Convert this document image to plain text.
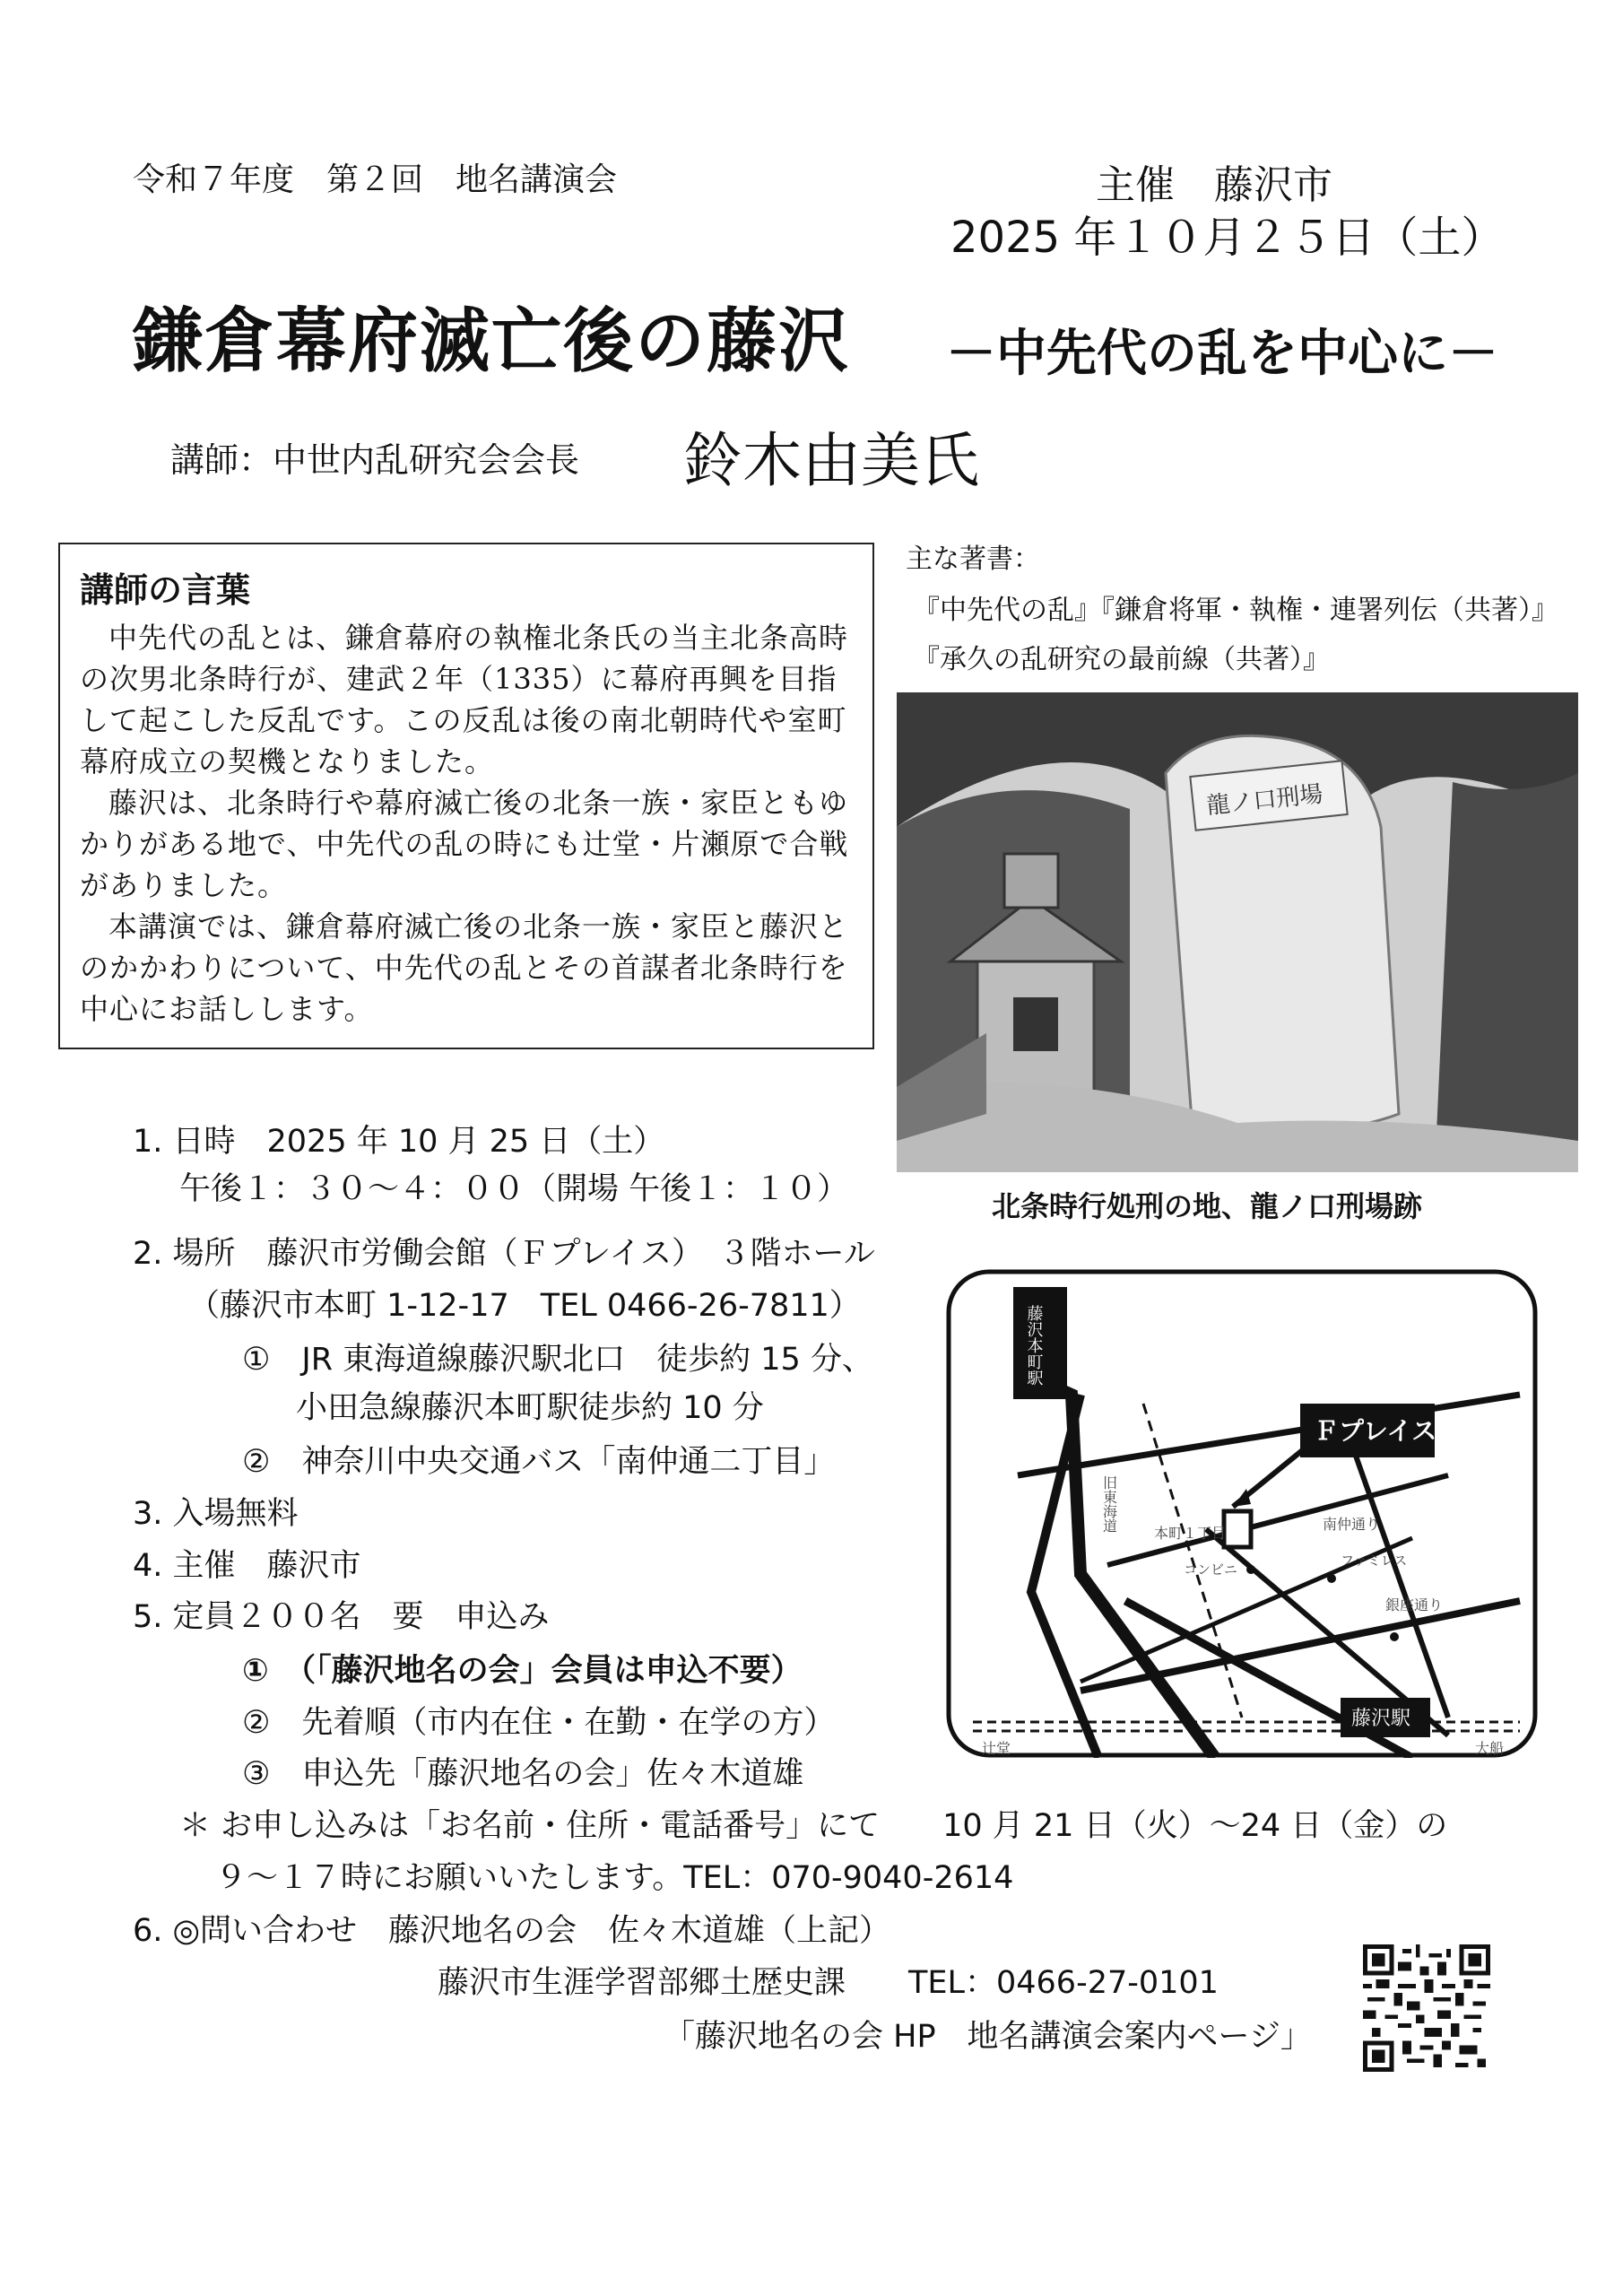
令和７年度　第２回　地名講演会	主催　藤沢市
2025 年１０月２５日（土）
鎌倉幕府滅亡後の藤沢 －中先代の乱を中心に－
講師：中世内乱研究会会長 鈴木由美氏
講師の言葉

中先代の乱とは、鎌倉幕府の執権北条氏の当主北条高時の次男北条時行が、建武２年（1335）に幕府再興を目指して起こした反乱です。この反乱は後の南北朝時代や室町幕府成立の契機となりました。

藤沢は、北条時行や幕府滅亡後の北条一族・家臣ともゆかりがある地で、中先代の乱の時にも辻堂・片瀬原で合戦がありました。

本講演では、鎌倉幕府滅亡後の北条一族・家臣と藤沢とのかかわりについて、中先代の乱とその首謀者北条時行を中心にお話しします。

主な著書：
『中先代の乱』『鎌倉将軍・執権・連署列伝（共著）』
『承久の乱研究の最前線（共著）』
龍ノ口刑場
北条時行処刑の地、龍ノ口刑場跡
藤沢本町駅
Ｆプレイス
藤沢駅
旧東海道
本町１丁目
南仲通り
銀座通り
コンビニ
ファミレス
辻堂	大船
1. 日時　2025 年 10 月 25 日（土）
午後１：３０～４：００（開場 午後１：１０）
2. 場所　藤沢市労働会館（Ｆプレイス）　３階ホール
（藤沢市本町 1-12-17　TEL 0466-26-7811）
①　JR 東海道線藤沢駅北口　徒歩約 15 分、
小田急線藤沢本町駅徒歩約 10 分
②　神奈川中央交通バス「南仲通二丁目」
3. 入場無料
4. 主催　藤沢市
5. 定員２００名　要　申込み
①　（「藤沢地名の会」会員は申込不要）
②　先着順（市内在住・在勤・在学の方）
③　申込先「藤沢地名の会」佐々木道雄
＊ お申し込みは「お名前・住所・電話番号」にて　　10 月 21 日（火）～24 日（金）の
９～１７時にお願いいたします。TEL：070-9040-2614
6. ◎問い合わせ　藤沢地名の会　佐々木道雄（上記）
藤沢市生涯学習部郷土歴史課　　TEL：0466-27-0101
「藤沢地名の会 HP　地名講演会案内ページ」
